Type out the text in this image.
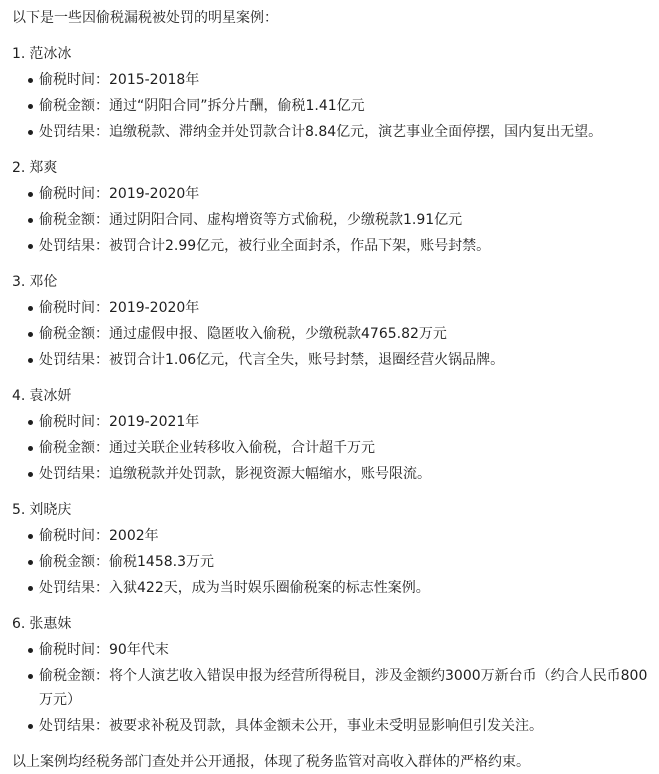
以下是一些因偷税漏税被处罚的明星案例：
1. 范冰冰
偷税时间：2015-2018年
偷税金额：通过“阴阳合同”拆分片酬，偷税1.41亿元
处罚结果：追缴税款、滞纳金并处罚款合计8.84亿元，演艺事业全面停摆，国内复出无望。
2. 郑爽
偷税时间：2019-2020年
偷税金额：通过阴阳合同、虚构增资等方式偷税，少缴税款1.91亿元
处罚结果：被罚合计2.99亿元，被行业全面封杀，作品下架，账号封禁。
3. 邓伦
偷税时间：2019-2020年
偷税金额：通过虚假申报、隐匿收入偷税，少缴税款4765.82万元
处罚结果：被罚合计1.06亿元，代言全失，账号封禁，退圈经营火锅品牌。
4. 袁冰妍
偷税时间：2019-2021年
偷税金额：通过关联企业转移收入偷税，合计超千万元
处罚结果：追缴税款并处罚款，影视资源大幅缩水，账号限流。
5. 刘晓庆
偷税时间：2002年
偷税金额：偷税1458.3万元
处罚结果：入狱422天，成为当时娱乐圈偷税案的标志性案例。
6. 张惠妹
偷税时间：90年代末
偷税金额：将个人演艺收入错误申报为经营所得税目，涉及金额约3000万新台币（约合人民币800万元）
处罚结果：被要求补税及罚款，具体金额未公开，事业未受明显影响但引发关注。
以上案例均经税务部门查处并公开通报，体现了税务监管对高收入群体的严格约束。
